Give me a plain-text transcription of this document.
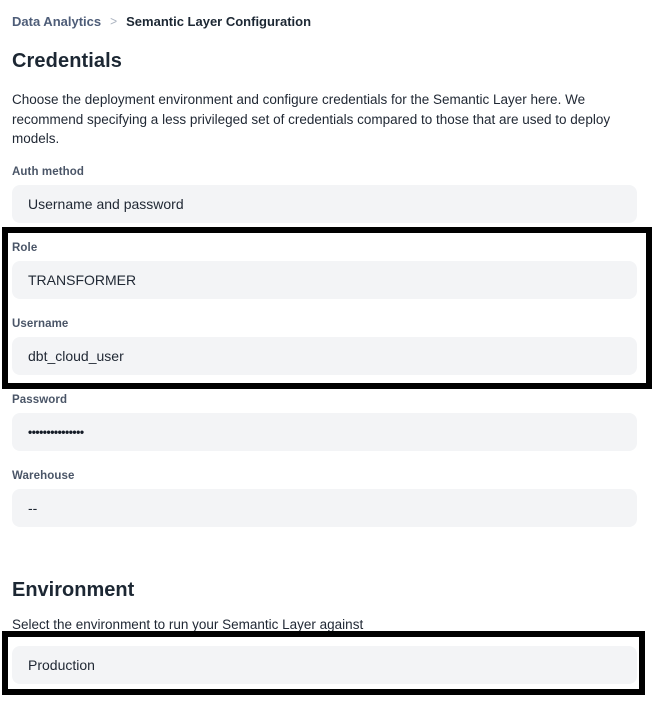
Data Analytics > Semantic Layer Configuration
Credentials

Choose the deployment environment and configure credentials for the Semantic Layer here. We recommend specifying a less privileged set of credentials compared to those that are used to deploy models.

Auth method
Username and password
Role
TRANSFORMER
Username
dbt_cloud_user
Password
•••••••••••••••
Warehouse
--
Environment

Select the environment to run your Semantic Layer against

Production
